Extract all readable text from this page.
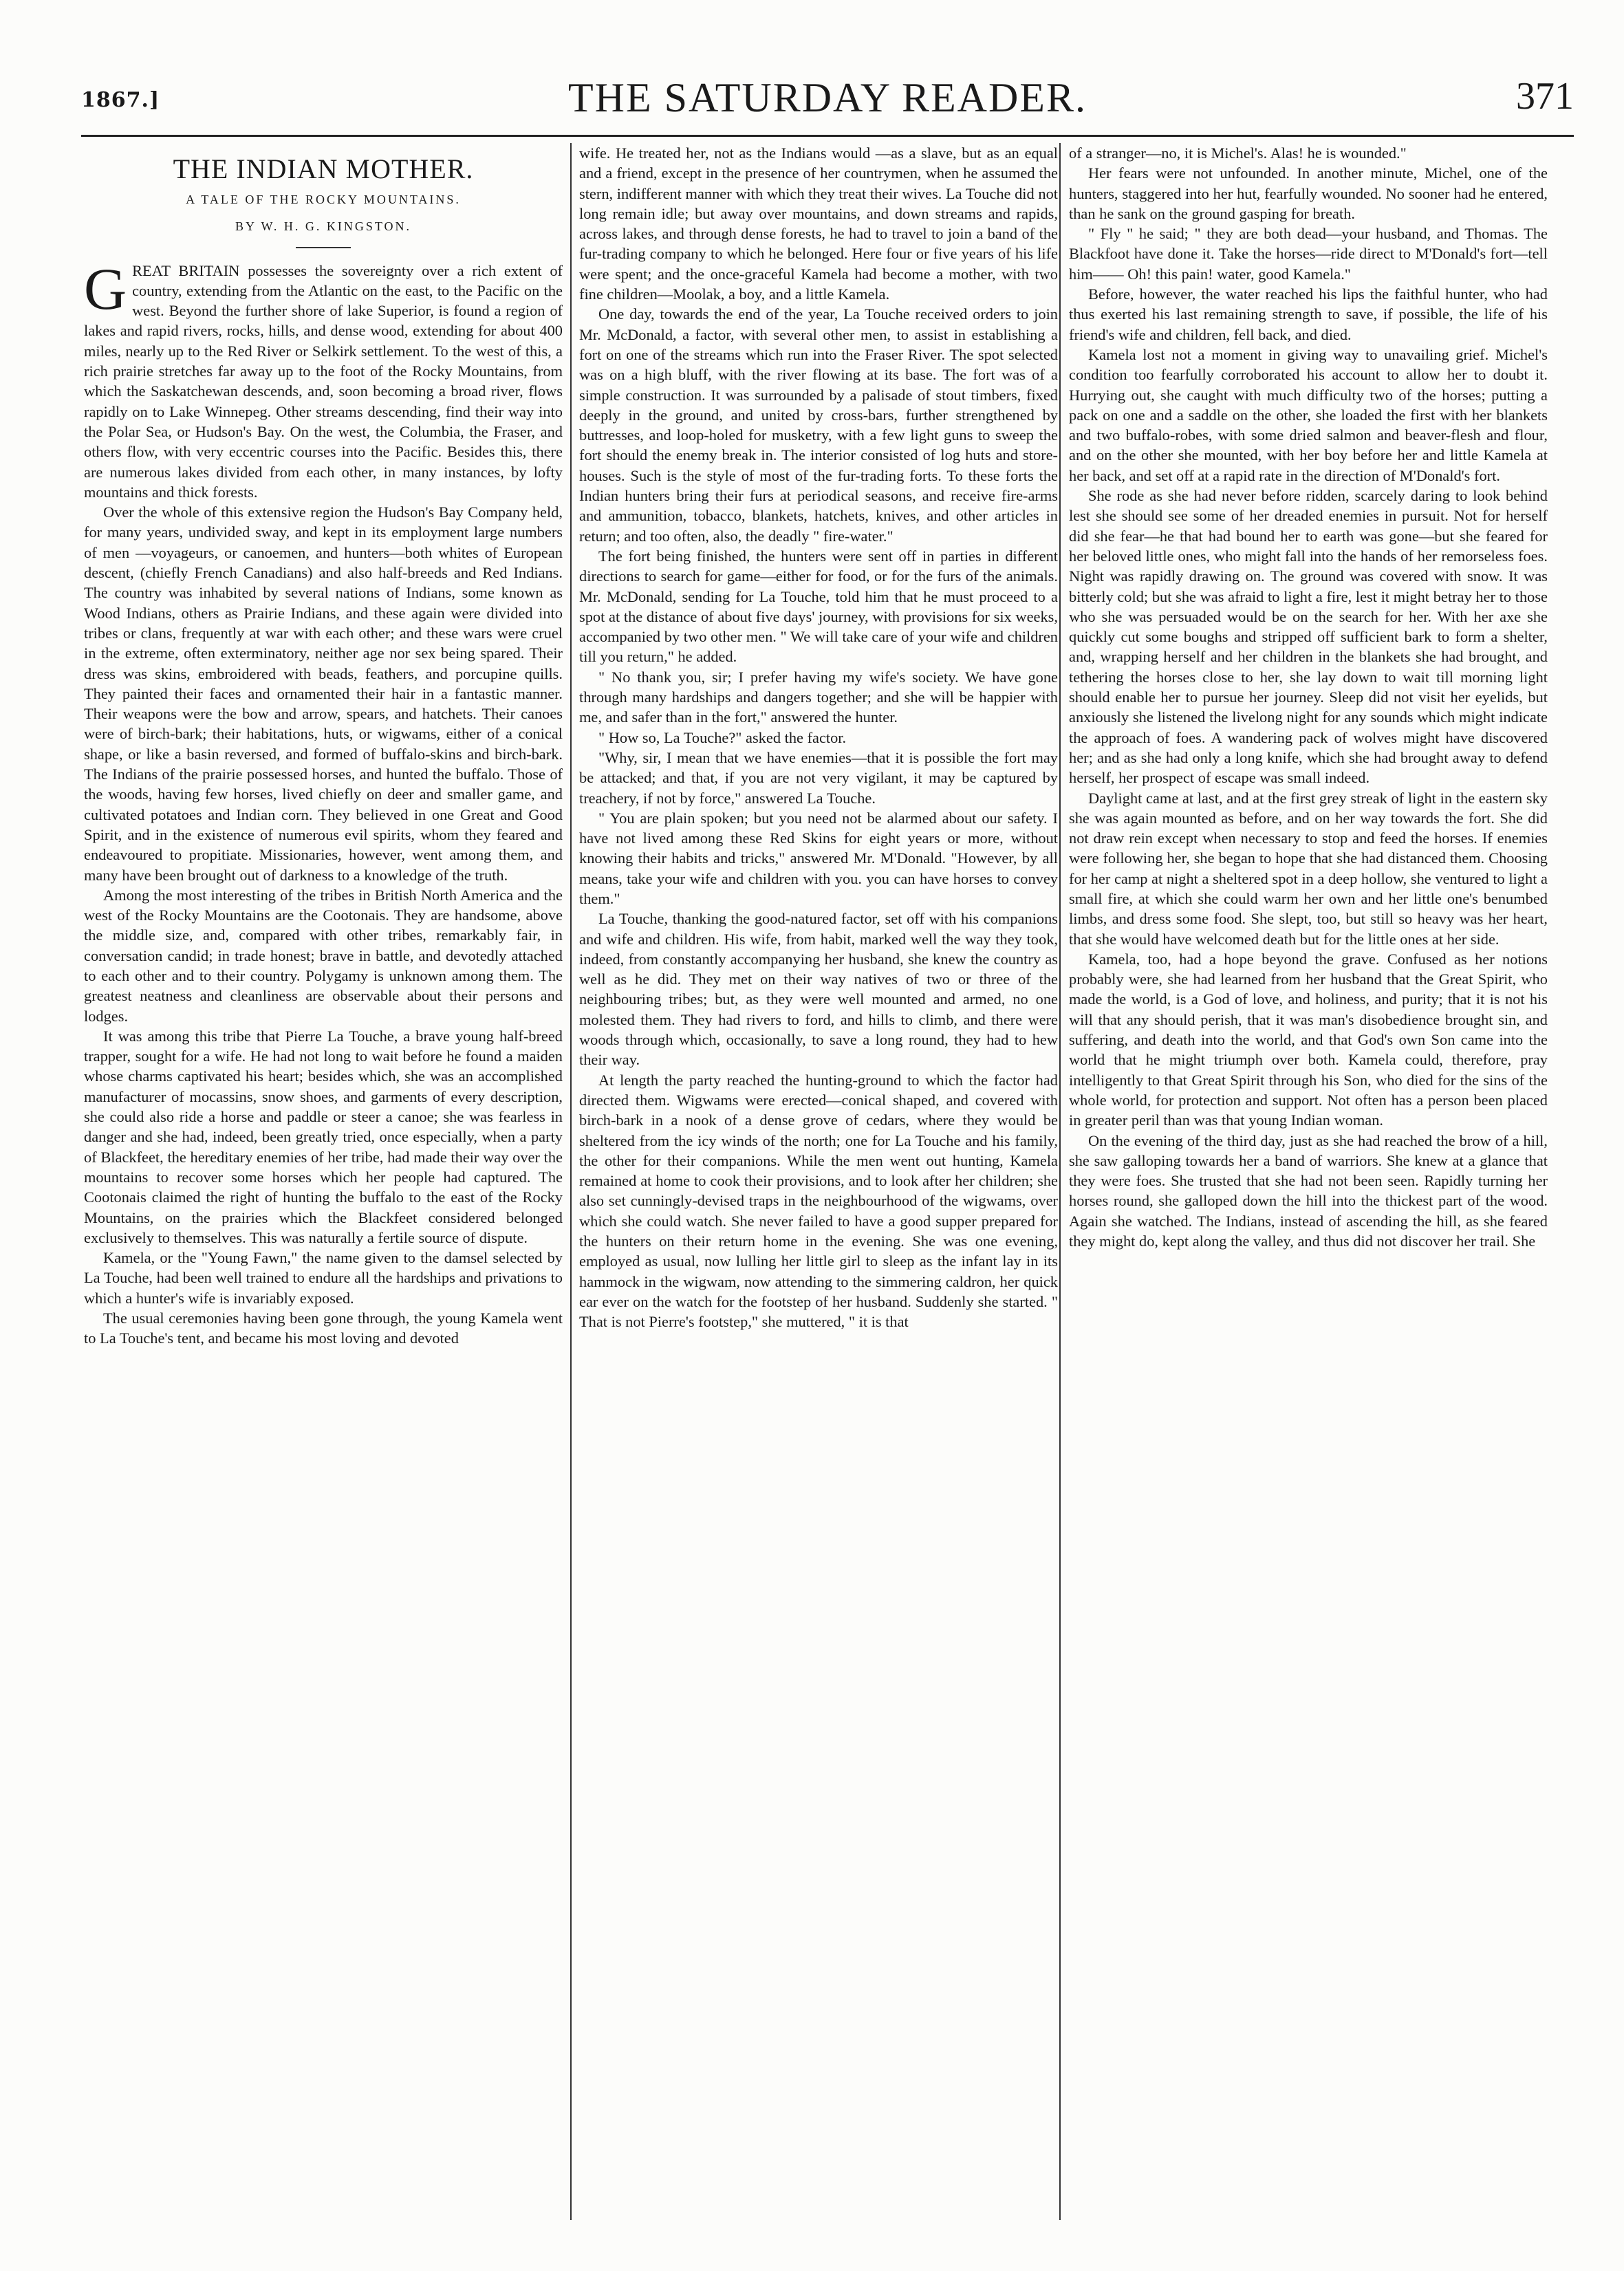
1867.]	THE SATURDAY READER.	371
THE INDIAN MOTHER.
A TALE OF THE ROCKY MOUNTAINS.
BY W. H. G. KINGSTON.

GREAT BRITAIN possesses the sovereignty over a rich extent of country, extending from the Atlantic on the east, to the Pacific on the west. Beyond the further shore of lake Superior, is found a region of lakes and rapid rivers, rocks, hills, and dense wood, extending for about 400 miles, nearly up to the Red River or Selkirk settlement. To the west of this, a rich prairie stretches far away up to the foot of the Rocky Mountains, from which the Saskatchewan descends, and, soon becoming a broad river, flows rapidly on to Lake Winnepeg. Other streams descending, find their way into the Polar Sea, or Hudson's Bay. On the west, the Columbia, the Fraser, and others flow, with very eccentric courses into the Pacific. Besides this, there are numerous lakes divided from each other, in many instances, by lofty mountains and thick forests.

Over the whole of this extensive region the Hudson's Bay Company held, for many years, undivided sway, and kept in its employment large numbers of men —voyageurs, or canoemen, and hunters—both whites of European descent, (chiefly French Canadians) and also half-breeds and Red Indians. The country was inhabited by several nations of Indians, some known as Wood Indians, others as Prairie Indians, and these again were divided into tribes or clans, frequently at war with each other; and these wars were cruel in the extreme, often exterminatory, neither age nor sex being spared. Their dress was skins, embroidered with beads, feathers, and porcupine quills. They painted their faces and ornamented their hair in a fantastic manner. Their weapons were the bow and arrow, spears, and hatchets. Their canoes were of birch-bark; their habitations, huts, or wigwams, either of a conical shape, or like a basin reversed, and formed of buffalo-skins and birch-bark. The Indians of the prairie possessed horses, and hunted the buffalo. Those of the woods, having few horses, lived chiefly on deer and smaller game, and cultivated potatoes and Indian corn. They believed in one Great and Good Spirit, and in the existence of numerous evil spirits, whom they feared and endeavoured to propitiate. Missionaries, however, went among them, and many have been brought out of darkness to a knowledge of the truth.

Among the most interesting of the tribes in British North America and the west of the Rocky Mountains are the Cootonais. They are handsome, above the middle size, and, compared with other tribes, remarkably fair, in conversation candid; in trade honest; brave in battle, and devotedly attached to each other and to their country. Polygamy is unknown among them. The greatest neatness and cleanliness are observable about their persons and lodges.

It was among this tribe that Pierre La Touche, a brave young half-breed trapper, sought for a wife. He had not long to wait before he found a maiden whose charms captivated his heart; besides which, she was an accomplished manufacturer of mocassins, snow shoes, and garments of every description, she could also ride a horse and paddle or steer a canoe; she was fearless in danger and she had, indeed, been greatly tried, once especially, when a party of Blackfeet, the hereditary enemies of her tribe, had made their way over the mountains to recover some horses which her people had captured. The Cootonais claimed the right of hunting the buffalo to the east of the Rocky Mountains, on the prairies which the Blackfeet considered belonged exclusively to themselves. This was naturally a fertile source of dispute.

Kamela, or the "Young Fawn," the name given to the damsel selected by La Touche, had been well trained to endure all the hardships and privations to which a hunter's wife is invariably exposed.

The usual ceremonies having been gone through, the young Kamela went to La Touche's tent, and became his most loving and devoted

wife. He treated her, not as the Indians would —as a slave, but as an equal and a friend, except in the presence of her countrymen, when he assumed the stern, indifferent manner with which they treat their wives. La Touche did not long remain idle; but away over mountains, and down streams and rapids, across lakes, and through dense forests, he had to travel to join a band of the fur-trading company to which he belonged. Here four or five years of his life were spent; and the once-graceful Kamela had become a mother, with two fine children—Moolak, a boy, and a little Kamela.

One day, towards the end of the year, La Touche received orders to join Mr. McDonald, a factor, with several other men, to assist in establishing a fort on one of the streams which run into the Fraser River. The spot selected was on a high bluff, with the river flowing at its base. The fort was of a simple construction. It was surrounded by a palisade of stout timbers, fixed deeply in the ground, and united by cross-bars, further strengthened by buttresses, and loop-holed for musketry, with a few light guns to sweep the fort should the enemy break in. The interior consisted of log huts and store-houses. Such is the style of most of the fur-trading forts. To these forts the Indian hunters bring their furs at periodical seasons, and receive fire-arms and ammunition, tobacco, blankets, hatchets, knives, and other articles in return; and too often, also, the deadly " fire-water."

The fort being finished, the hunters were sent off in parties in different directions to search for game—either for food, or for the furs of the animals. Mr. McDonald, sending for La Touche, told him that he must proceed to a spot at the distance of about five days' journey, with provisions for six weeks, accompanied by two other men. " We will take care of your wife and children till you return," he added.

" No thank you, sir; I prefer having my wife's society. We have gone through many hardships and dangers together; and she will be happier with me, and safer than in the fort," answered the hunter.

" How so, La Touche?" asked the factor.

"Why, sir, I mean that we have enemies—that it is possible the fort may be attacked; and that, if you are not very vigilant, it may be captured by treachery, if not by force," answered La Touche.

" You are plain spoken; but you need not be alarmed about our safety. I have not lived among these Red Skins for eight years or more, without knowing their habits and tricks," answered Mr. M'Donald. "However, by all means, take your wife and children with you. you can have horses to convey them."

La Touche, thanking the good-natured factor, set off with his companions and wife and children. His wife, from habit, marked well the way they took, indeed, from constantly accompanying her husband, she knew the country as well as he did. They met on their way natives of two or three of the neighbouring tribes; but, as they were well mounted and armed, no one molested them. They had rivers to ford, and hills to climb, and there were woods through which, occasionally, to save a long round, they had to hew their way.

At length the party reached the hunting-ground to which the factor had directed them. Wigwams were erected—conical shaped, and covered with birch-bark in a nook of a dense grove of cedars, where they would be sheltered from the icy winds of the north; one for La Touche and his family, the other for their companions. While the men went out hunting, Kamela remained at home to cook their provisions, and to look after her children; she also set cunningly-devised traps in the neighbourhood of the wigwams, over which she could watch. She never failed to have a good supper prepared for the hunters on their return home in the evening. She was one evening, employed as usual, now lulling her little girl to sleep as the infant lay in its hammock in the wigwam, now attending to the simmering caldron, her quick ear ever on the watch for the footstep of her husband. Suddenly she started. " That is not Pierre's footstep," she muttered, " it is that

of a stranger—no, it is Michel's. Alas! he is wounded."

Her fears were not unfounded. In another minute, Michel, one of the hunters, staggered into her hut, fearfully wounded. No sooner had he entered, than he sank on the ground gasping for breath.

" Fly " he said; " they are both dead—your husband, and Thomas. The Blackfoot have done it. Take the horses—ride direct to M'Donald's fort—tell him—— Oh! this pain! water, good Kamela."

Before, however, the water reached his lips the faithful hunter, who had thus exerted his last remaining strength to save, if possible, the life of his friend's wife and children, fell back, and died.

Kamela lost not a moment in giving way to unavailing grief. Michel's condition too fearfully corroborated his account to allow her to doubt it. Hurrying out, she caught with much difficulty two of the horses; putting a pack on one and a saddle on the other, she loaded the first with her blankets and two buffalo-robes, with some dried salmon and beaver-flesh and flour, and on the other she mounted, with her boy before her and little Kamela at her back, and set off at a rapid rate in the direction of M'Donald's fort.

She rode as she had never before ridden, scarcely daring to look behind lest she should see some of her dreaded enemies in pursuit. Not for herself did she fear—he that had bound her to earth was gone—but she feared for her beloved little ones, who might fall into the hands of her remorseless foes. Night was rapidly drawing on. The ground was covered with snow. It was bitterly cold; but she was afraid to light a fire, lest it might betray her to those who she was persuaded would be on the search for her. With her axe she quickly cut some boughs and stripped off sufficient bark to form a shelter, and, wrapping herself and her children in the blankets she had brought, and tethering the horses close to her, she lay down to wait till morning light should enable her to pursue her journey. Sleep did not visit her eyelids, but anxiously she listened the livelong night for any sounds which might indicate the approach of foes. A wandering pack of wolves might have discovered her; and as she had only a long knife, which she had brought away to defend herself, her prospect of escape was small indeed.

Daylight came at last, and at the first grey streak of light in the eastern sky she was again mounted as before, and on her way towards the fort. She did not draw rein except when necessary to stop and feed the horses. If enemies were following her, she began to hope that she had distanced them. Choosing for her camp at night a sheltered spot in a deep hollow, she ventured to light a small fire, at which she could warm her own and her little one's benumbed limbs, and dress some food. She slept, too, but still so heavy was her heart, that she would have welcomed death but for the little ones at her side.

Kamela, too, had a hope beyond the grave. Confused as her notions probably were, she had learned from her husband that the Great Spirit, who made the world, is a God of love, and holiness, and purity; that it is not his will that any should perish, that it was man's disobedience brought sin, and suffering, and death into the world, and that God's own Son came into the world that he might triumph over both. Kamela could, therefore, pray intelligently to that Great Spirit through his Son, who died for the sins of the whole world, for protection and support. Not often has a person been placed in greater peril than was that young Indian woman.

On the evening of the third day, just as she had reached the brow of a hill, she saw galloping towards her a band of warriors. She knew at a glance that they were foes. She trusted that she had not been seen. Rapidly turning her horses round, she galloped down the hill into the thickest part of the wood. Again she watched. The Indians, instead of ascending the hill, as she feared they might do, kept along the valley, and thus did not discover her trail. She
